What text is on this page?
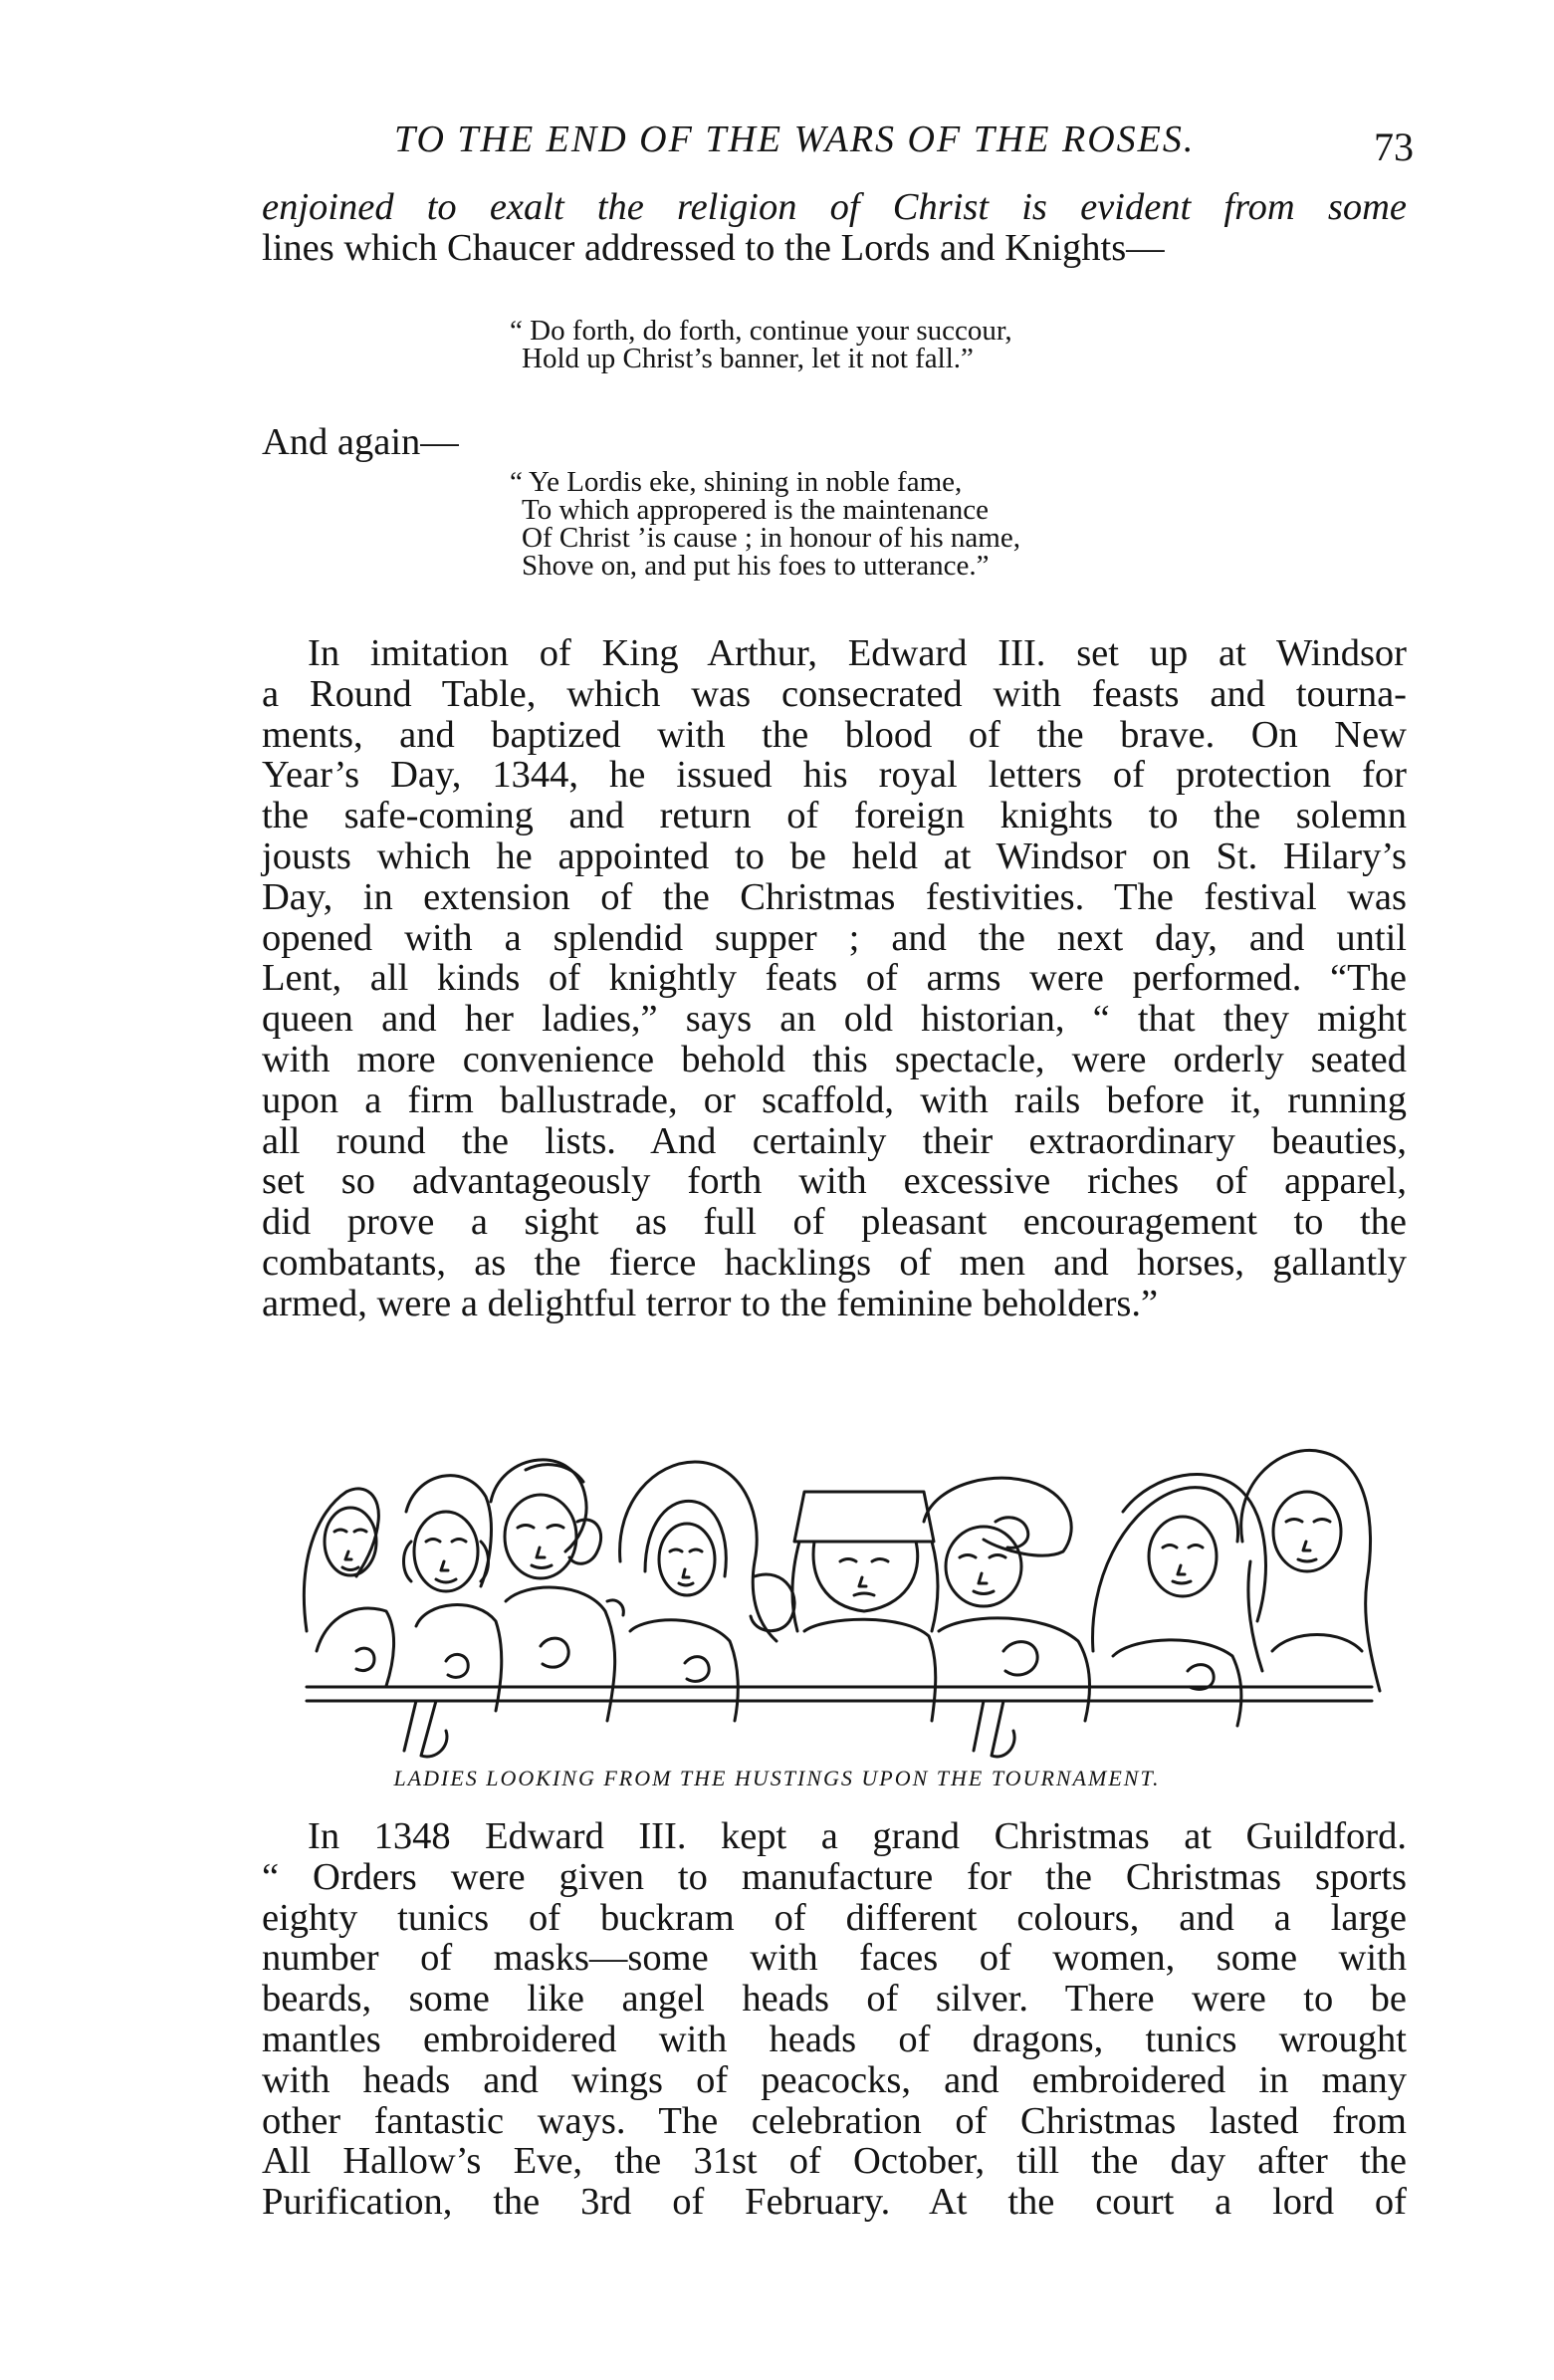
TO THE END OF THE WARS OF THE ROSES.	73

enjoined to exalt the religion of Christ is evident from some

lines which Chaucer addressed to the Lords and Knights—

“ Do forth, do forth, continue your succour,
Hold up Christ’s banner, let it not fall.”
And again—
“ Ye Lordis eke, shining in noble fame,
To which appropered is the maintenance
Of Christ ’is cause ; in honour of his name,
Shove on, and put his foes to utterance.”

In imitation of King Arthur, Edward III. set up at Windsor

a Round Table, which was consecrated with feasts and tourna-

ments, and baptized with the blood of the brave. On New

Year’s Day, 1344, he issued his royal letters of protection for

the safe-coming and return of foreign knights to the solemn

jousts which he appointed to be held at Windsor on St. Hilary’s

Day, in extension of the Christmas festivities. The festival was

opened with a splendid supper ; and the next day, and until

Lent, all kinds of knightly feats of arms were performed. “The

queen and her ladies,” says an old historian, “ that they might

with more convenience behold this spectacle, were orderly seated

upon a firm ballustrade, or scaffold, with rails before it, running

all round the lists. And certainly their extraordinary beauties,

set so advantageously forth with excessive riches of apparel,

did prove a sight as full of pleasant encouragement to the

combatants, as the fierce hacklings of men and horses, gallantly

armed, were a delightful terror to the feminine beholders.”

LADIES LOOKING FROM THE HUSTINGS UPON THE TOURNAMENT.

In 1348 Edward III. kept a grand Christmas at Guildford.

“ Orders were given to manufacture for the Christmas sports

eighty tunics of buckram of different colours, and a large

number of masks—some with faces of women, some with

beards, some like angel heads of silver. There were to be

mantles embroidered with heads of dragons, tunics wrought

with heads and wings of peacocks, and embroidered in many

other fantastic ways. The celebration of Christmas lasted from

All Hallow’s Eve, the 31st of October, till the day after the

Purification, the 3rd of February. At the court a lord of
